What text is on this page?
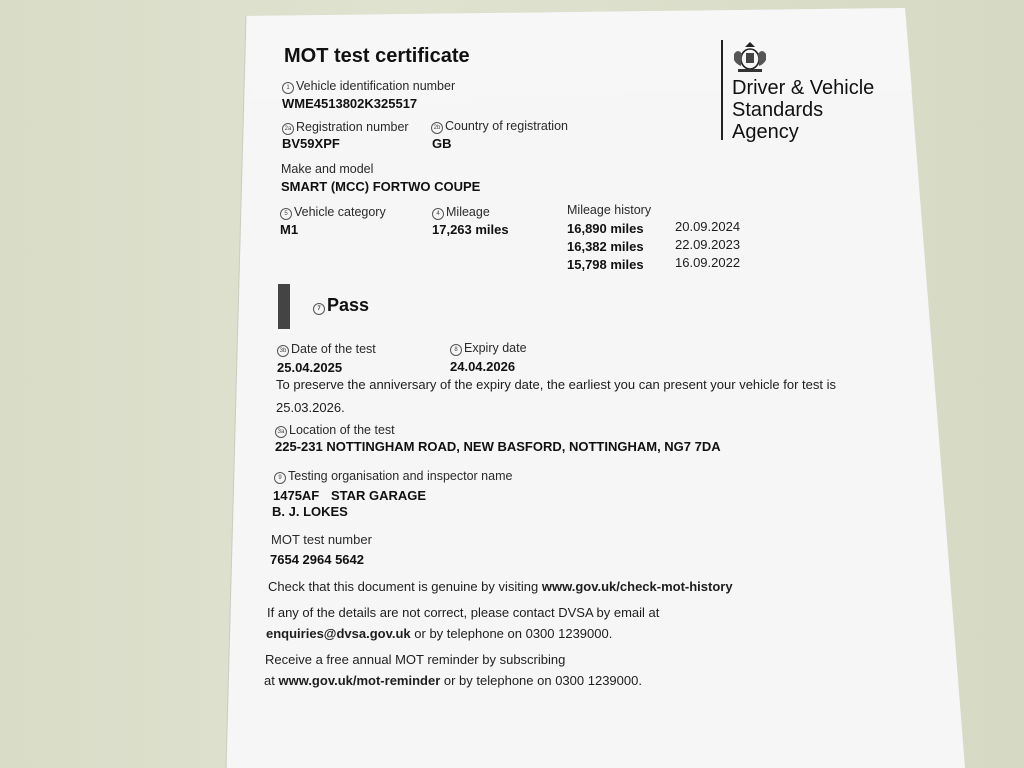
MOT test certificate
1 Vehicle identification number
WME4513802K325517
2a Registration number
BV59XPF
2b Country of registration
GB
Make and model
SMART (MCC) FORTWO COUPE
5 Vehicle category
M1
4 Mileage
17,263 miles
Mileage history
16,890 miles 20.09.2024
16,382 miles 22.09.2023
15,798 miles 16.09.2022
7 Pass
3b Date of the test
25.04.2025
8 Expiry date
24.04.2026
To preserve the anniversary of the expiry date, the earliest you can present your vehicle for test is
25.03.2026.
3a Location of the test
225-231 NOTTINGHAM ROAD, NEW BASFORD, NOTTINGHAM, NG7 7DA
9 Testing organisation and inspector name
1475AF STAR GARAGE
B. J. LOKES
MOT test number
7654 2964 5642
Check that this document is genuine by visiting www.gov.uk/check-mot-history
If any of the details are not correct, please contact DVSA by email at
enquiries@dvsa.gov.uk or by telephone on 0300 1239000.
Receive a free annual MOT reminder by subscribing
at www.gov.uk/mot-reminder or by telephone on 0300 1239000.
Driver & Vehicle
Standards
Agency
